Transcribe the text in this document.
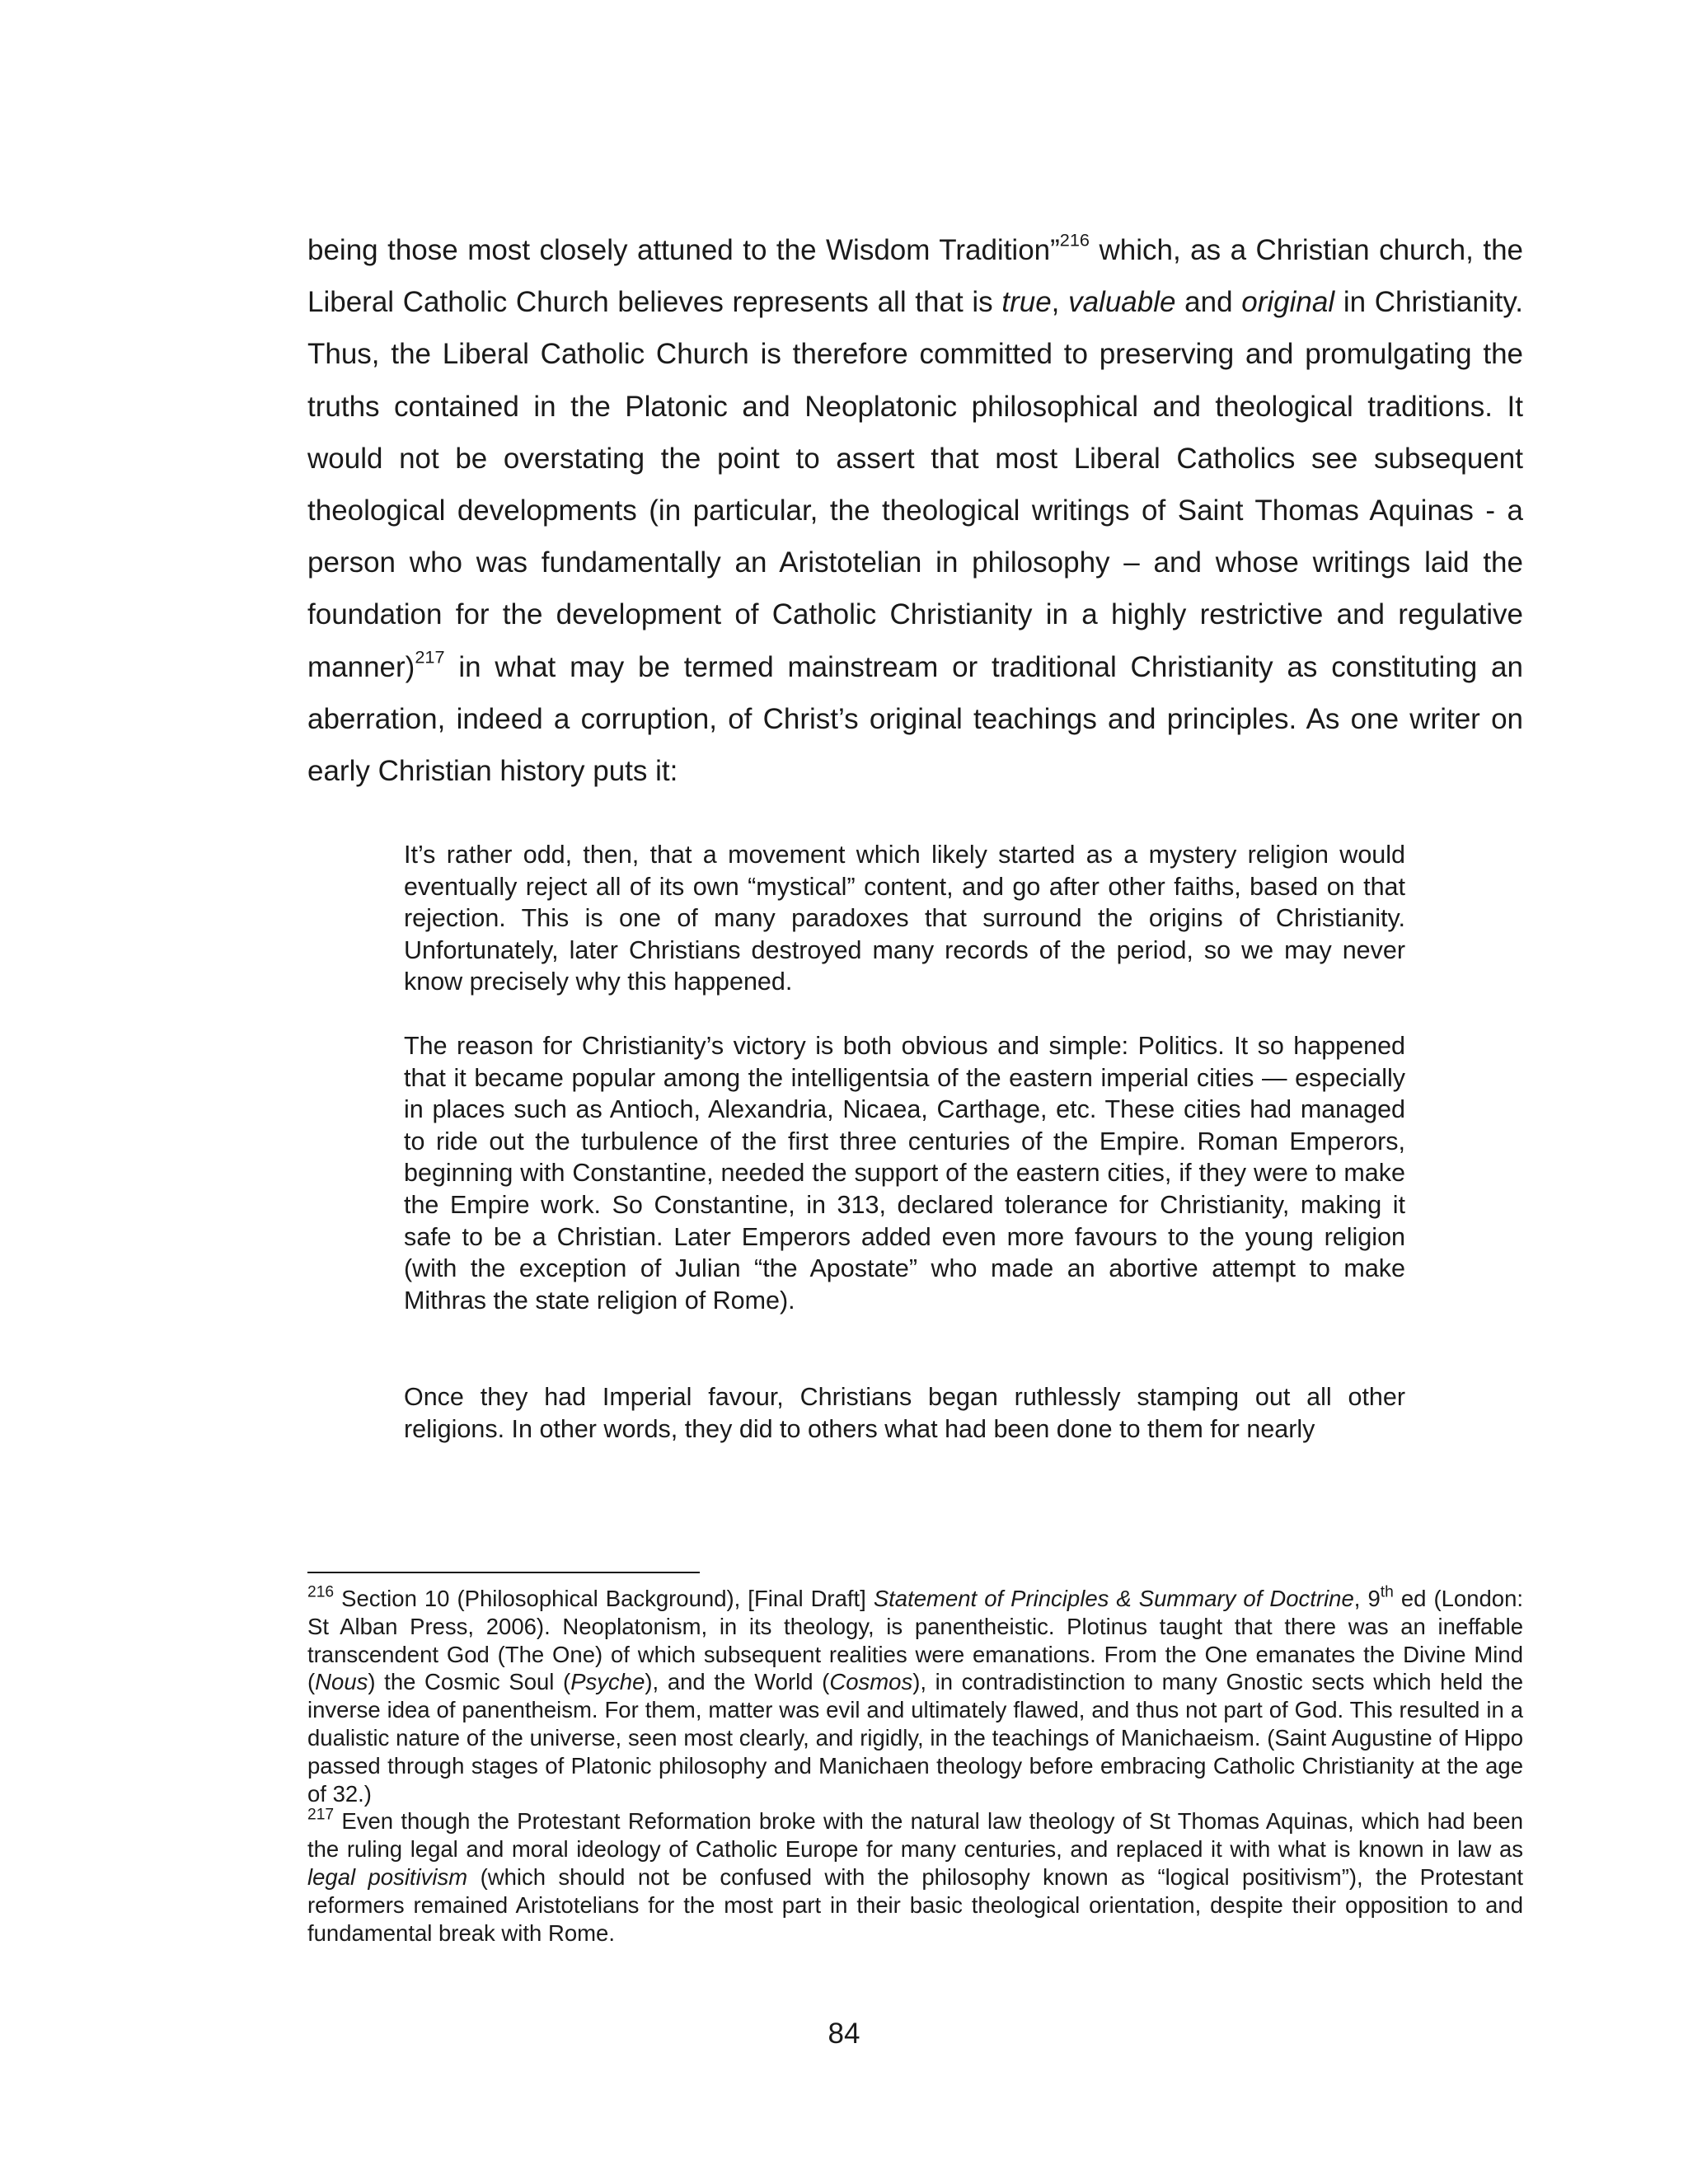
being those most closely attuned to the Wisdom Tradition”$^{216}$ which, as a Christian church, the Liberal Catholic Church believes represents all that is true, valuable and original in Christianity. Thus, the Liberal Catholic Church is therefore committed to preserving and promulgating the truths contained in the Platonic and Neoplatonic philosophical and theological traditions. It would not be overstating the point to assert that most Liberal Catholics see subsequent theological developments (in particular, the theological writings of Saint Thomas Aquinas - a person who was fundamentally an Aristotelian in philosophy – and whose writings laid the foundation for the development of Catholic Christianity in a highly restrictive and regulative manner)$^{217}$ in what may be termed mainstream or traditional Christianity as constituting an aberration, indeed a corruption, of Christ’s original teachings and principles. As one writer on early Christian history puts it:

It’s rather odd, then, that a movement which likely started as a mystery religion would eventually reject all of its own “mystical” content, and go after other faiths, based on that rejection. This is one of many paradoxes that surround the origins of Christianity. Unfortunately, later Christians destroyed many records of the period, so we may never know precisely why this happened.

The reason for Christianity’s victory is both obvious and simple: Politics. It so happened that it became popular among the intelligentsia of the eastern imperial cities — especially in places such as Antioch, Alexandria, Nicaea, Carthage, etc. These cities had managed to ride out the turbulence of the first three centuries of the Empire. Roman Emperors, beginning with Constantine, needed the support of the eastern cities, if they were to make the Empire work. So Constantine, in 313, declared tolerance for Christianity, making it safe to be a Christian. Later Emperors added even more favours to the young religion (with the exception of Julian “the Apostate” who made an abortive attempt to make Mithras the state religion of Rome).

Once they had Imperial favour, Christians began ruthlessly stamping out all other religions. In other words, they did to others what had been done to them for nearly

$^{216}$ Section 10 (Philosophical Background), [Final Draft] Statement of Principles & Summary of Doctrine, 9th ed (London: St Alban Press, 2006). Neoplatonism, in its theology, is panentheistic. Plotinus taught that there was an ineffable transcendent God (The One) of which subsequent realities were emanations. From the One emanates the Divine Mind (Nous) the Cosmic Soul (Psyche), and the World (Cosmos), in contradistinction to many Gnostic sects which held the inverse idea of panentheism. For them, matter was evil and ultimately flawed, and thus not part of God. This resulted in a dualistic nature of the universe, seen most clearly, and rigidly, in the teachings of Manichaeism. (Saint Augustine of Hippo passed through stages of Platonic philosophy and Manichaen theology before embracing Catholic Christianity at the age of 32.)

$^{217}$ Even though the Protestant Reformation broke with the natural law theology of St Thomas Aquinas, which had been the ruling legal and moral ideology of Catholic Europe for many centuries, and replaced it with what is known in law as legal positivism (which should not be confused with the philosophy known as “logical positivism”), the Protestant reformers remained Aristotelians for the most part in their basic theological orientation, despite their opposition to and fundamental break with Rome.

84
